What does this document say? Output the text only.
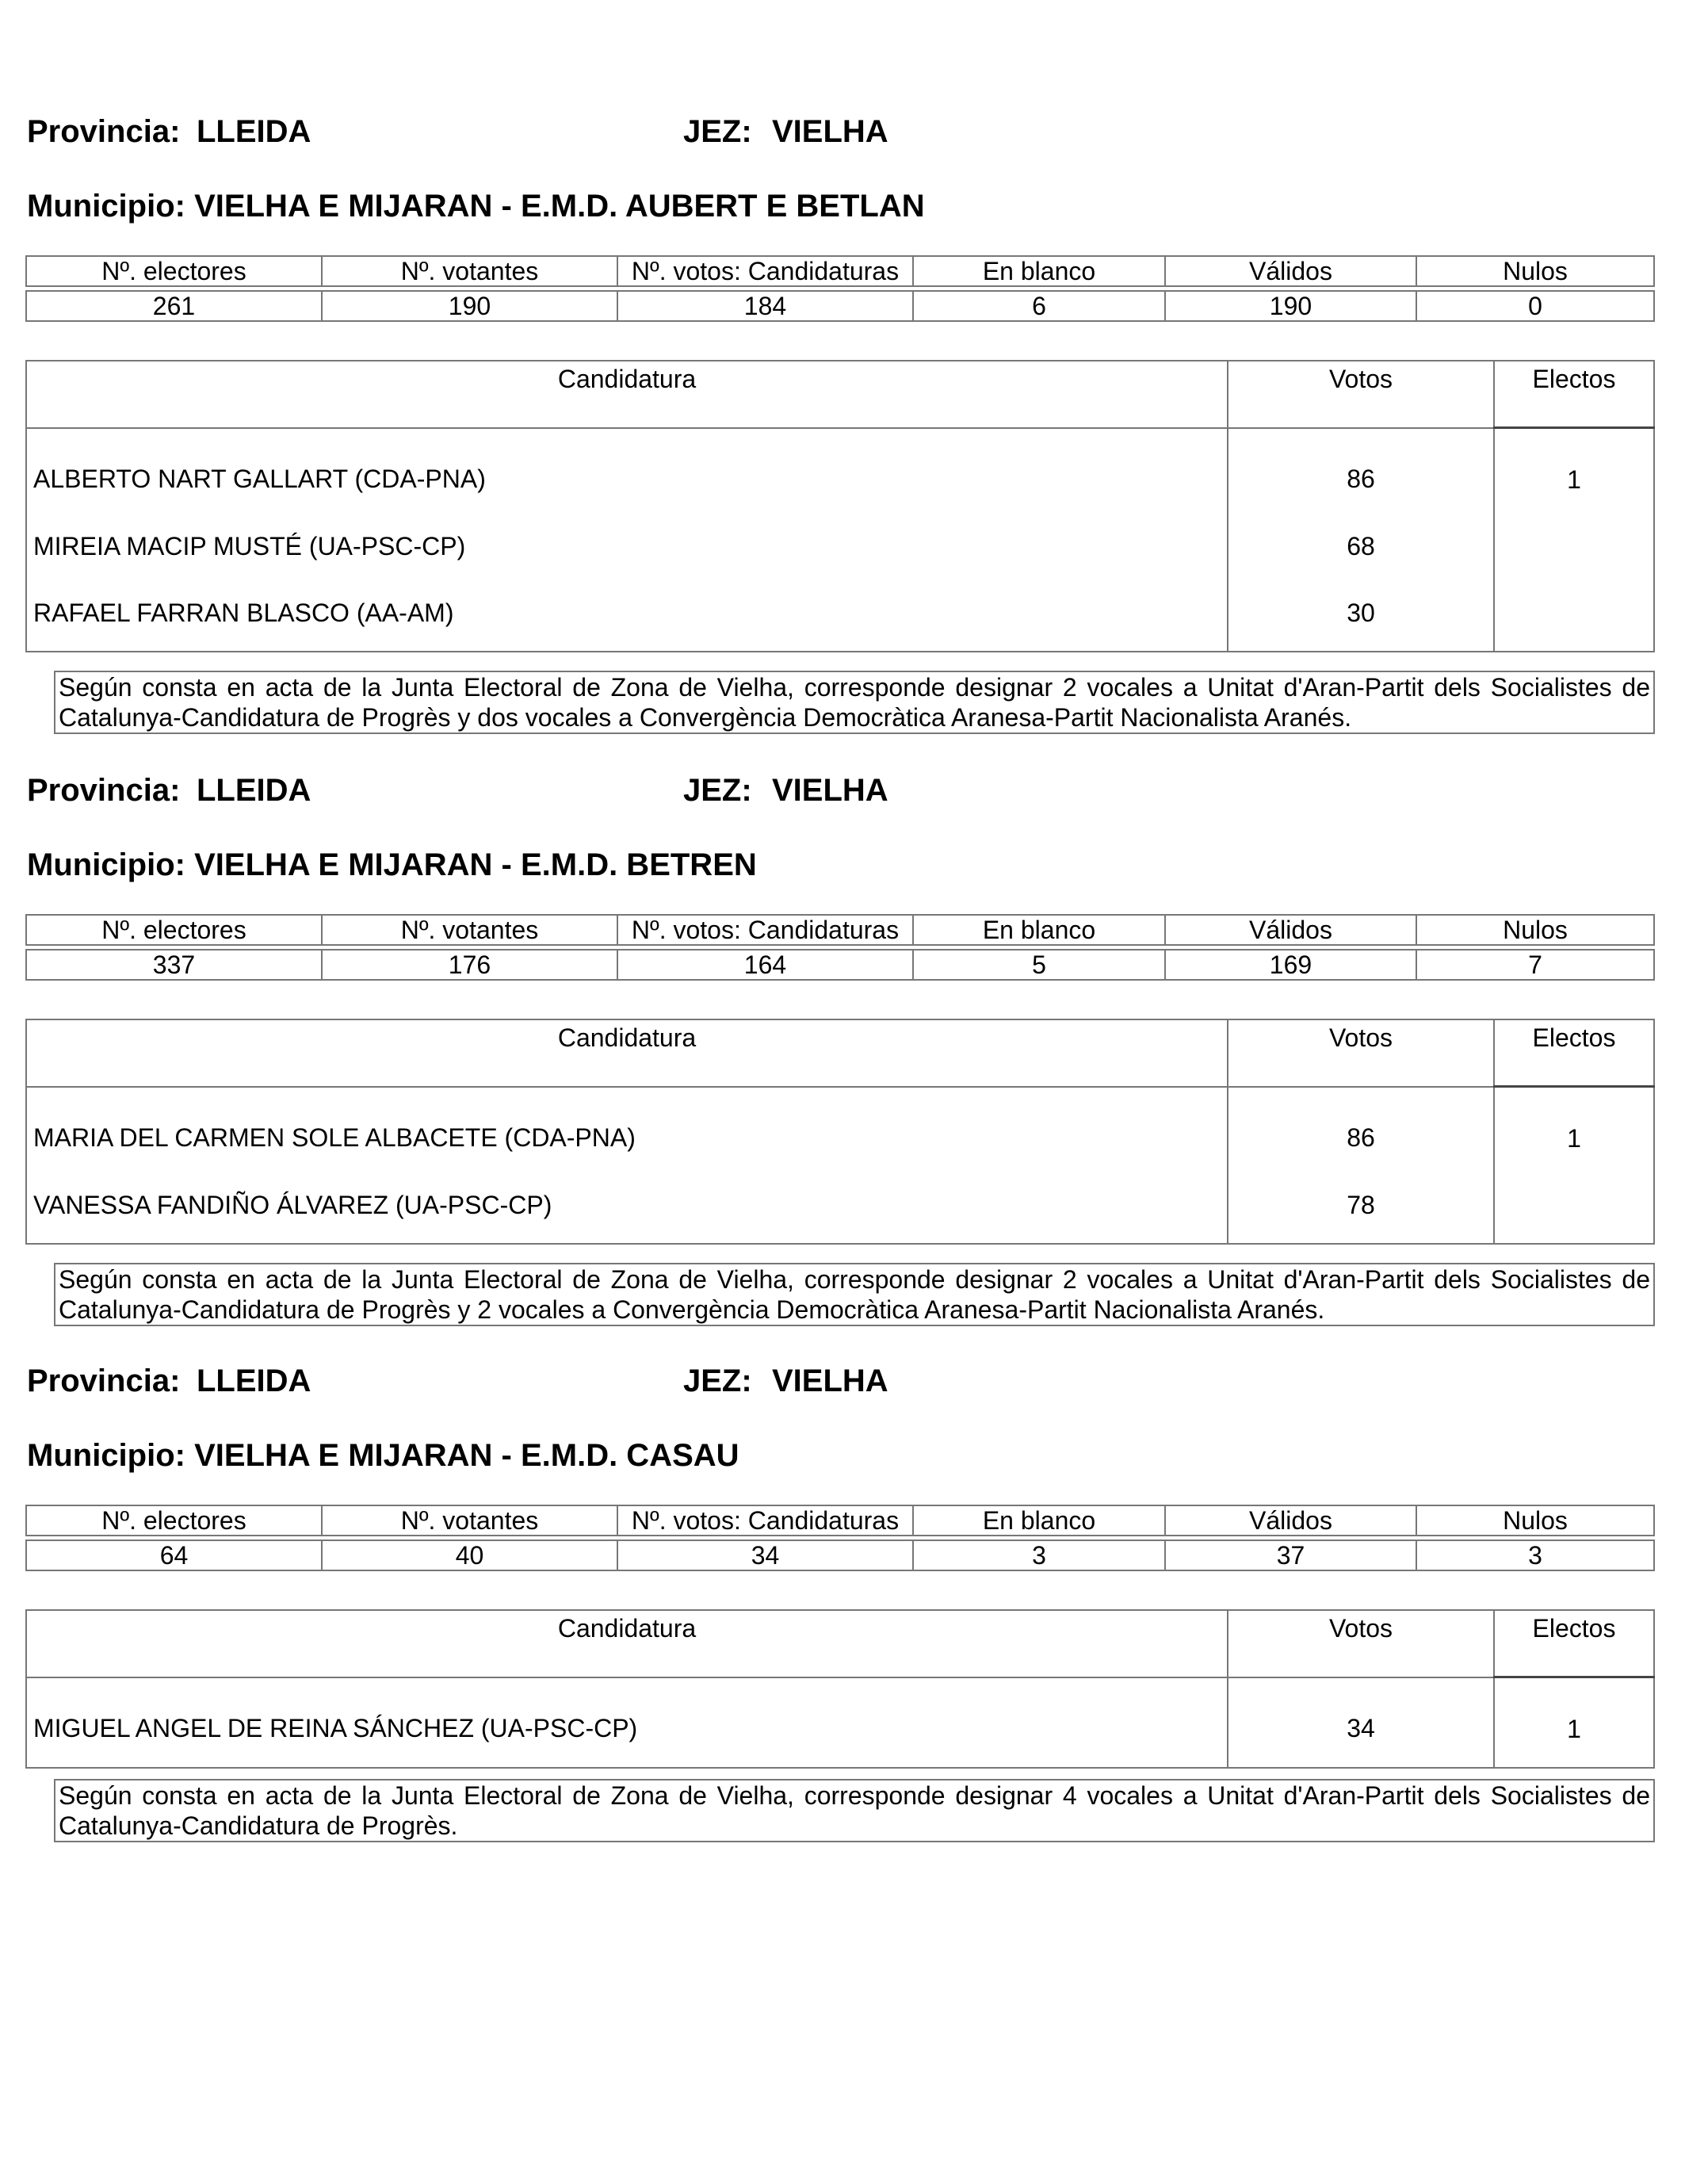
Provincia: LLEIDA	JEZ: VIELHA
Municipio: VIELHA E MIJARAN - E.M.D. AUBERT E BETLAN
Nº. electores	Nº. votantes	Nº. votos: Candidaturas	En blanco	Válidos	Nulos

261	190	184	6	190	0
Candidatura	Votos	Electos
ALBERTO NART GALLART (CDA-PNA)	86	1
MIREIA MACIP MUSTÉ (UA-PSC-CP)	68	
RAFAEL FARRAN BLASCO (AA-AM)	30	
Según consta en acta de la Junta Electoral de Zona de Vielha, corresponde designar 2 vocales a Unitat d'Aran-Partit dels Socialistes de Catalunya-Candidatura de Progrès y dos vocales a Convergència Democràtica Aranesa-Partit Nacionalista Aranés.
Provincia: LLEIDA	JEZ: VIELHA
Municipio: VIELHA E MIJARAN - E.M.D. BETREN
Nº. electores	Nº. votantes	Nº. votos: Candidaturas	En blanco	Válidos	Nulos

337	176	164	5	169	7
Candidatura	Votos	Electos
MARIA DEL CARMEN SOLE ALBACETE (CDA-PNA)	86	1
VANESSA FANDIÑO ÁLVAREZ (UA-PSC-CP)	78	
Según consta en acta de la Junta Electoral de Zona de Vielha, corresponde designar 2 vocales a Unitat d'Aran-Partit dels Socialistes de Catalunya-Candidatura de Progrès y 2 vocales a Convergència Democràtica Aranesa-Partit Nacionalista Aranés.
Provincia: LLEIDA	JEZ: VIELHA
Municipio: VIELHA E MIJARAN - E.M.D. CASAU
Nº. electores	Nº. votantes	Nº. votos: Candidaturas	En blanco	Válidos	Nulos

64	40	34	3	37	3
Candidatura	Votos	Electos
MIGUEL ANGEL DE REINA SÁNCHEZ (UA-PSC-CP)	34	1
Según consta en acta de la Junta Electoral de Zona de Vielha, corresponde designar 4 vocales a Unitat d'Aran-Partit dels Socialistes de Catalunya-Candidatura de Progrès.
